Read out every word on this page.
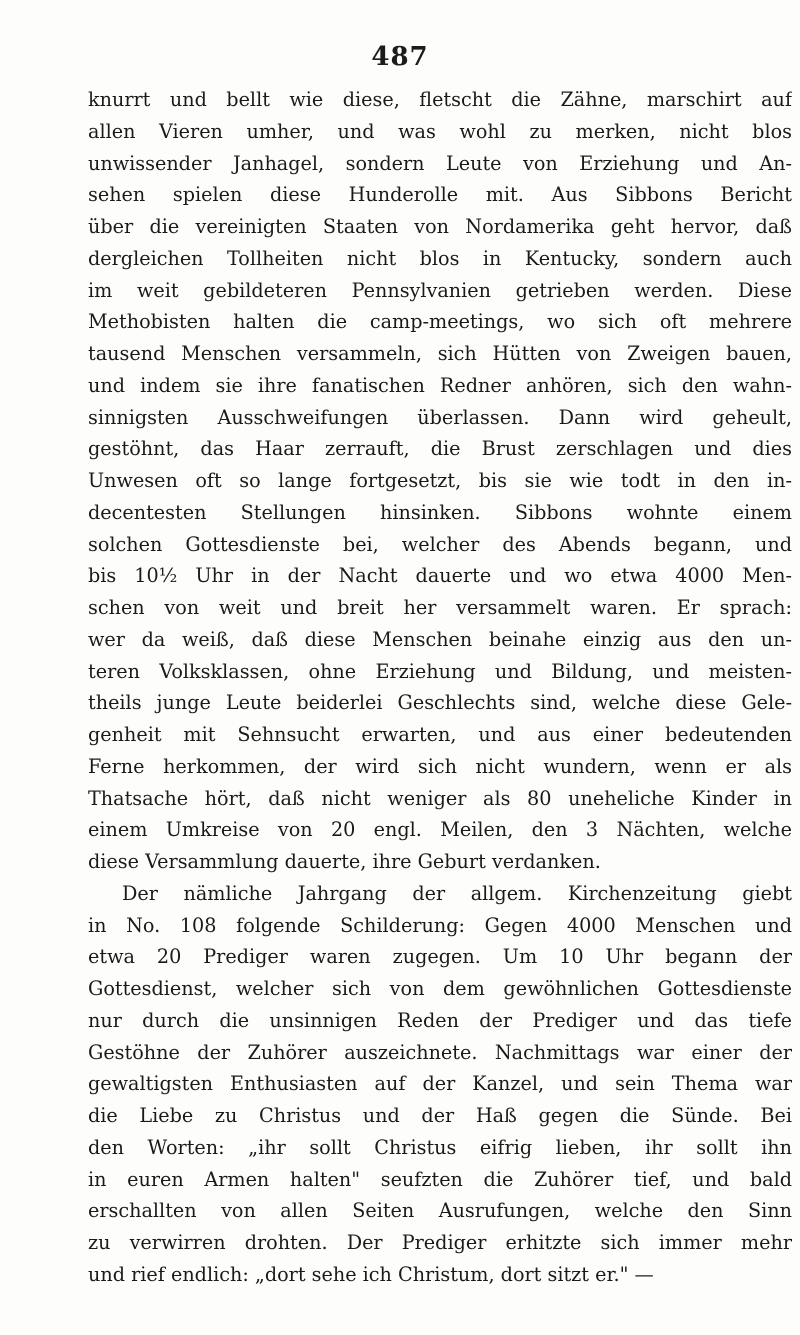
487
knurrt und bellt wie diese, fletscht die Zähne, marschirt auf
allen Vieren umher, und was wohl zu merken, nicht blos
unwissender Janhagel, sondern Leute von Erziehung und An-
sehen spielen diese Hunderolle mit. Aus Sibbons Bericht
über die vereinigten Staaten von Nordamerika geht hervor, daß
dergleichen Tollheiten nicht blos in Kentucky, sondern auch
im weit gebildeteren Pennsylvanien getrieben werden. Diese
Methobisten halten die camp-meetings, wo sich oft mehrere
tausend Menschen versammeln, sich Hütten von Zweigen bauen,
und indem sie ihre fanatischen Redner anhören, sich den wahn-
sinnigsten Ausschweifungen überlassen. Dann wird geheult,
gestöhnt, das Haar zerrauft, die Brust zerschlagen und dies
Unwesen oft so lange fortgesetzt, bis sie wie todt in den in-
decentesten Stellungen hinsinken. Sibbons wohnte einem
solchen Gottesdienste bei, welcher des Abends begann, und
bis 10½ Uhr in der Nacht dauerte und wo etwa 4000 Men-
schen von weit und breit her versammelt waren. Er sprach:
wer da weiß, daß diese Menschen beinahe einzig aus den un-
teren Volksklassen, ohne Erziehung und Bildung, und meisten-
theils junge Leute beiderlei Geschlechts sind, welche diese Gele-
genheit mit Sehnsucht erwarten, und aus einer bedeutenden
Ferne herkommen, der wird sich nicht wundern, wenn er als
Thatsache hört, daß nicht weniger als 80 uneheliche Kinder in
einem Umkreise von 20 engl. Meilen, den 3 Nächten, welche
diese Versammlung dauerte, ihre Geburt verdanken.
Der nämliche Jahrgang der allgem. Kirchenzeitung giebt
in No. 108 folgende Schilderung: Gegen 4000 Menschen und
etwa 20 Prediger waren zugegen. Um 10 Uhr begann der
Gottesdienst, welcher sich von dem gewöhnlichen Gottesdienste
nur durch die unsinnigen Reden der Prediger und das tiefe
Gestöhne der Zuhörer auszeichnete. Nachmittags war einer der
gewaltigsten Enthusiasten auf der Kanzel, und sein Thema war
die Liebe zu Christus und der Haß gegen die Sünde. Bei
den Worten: „ihr sollt Christus eifrig lieben, ihr sollt ihn
in euren Armen halten" seufzten die Zuhörer tief, und bald
erschallten von allen Seiten Ausrufungen, welche den Sinn
zu verwirren drohten. Der Prediger erhitzte sich immer mehr
und rief endlich: „dort sehe ich Christum, dort sitzt er." —
